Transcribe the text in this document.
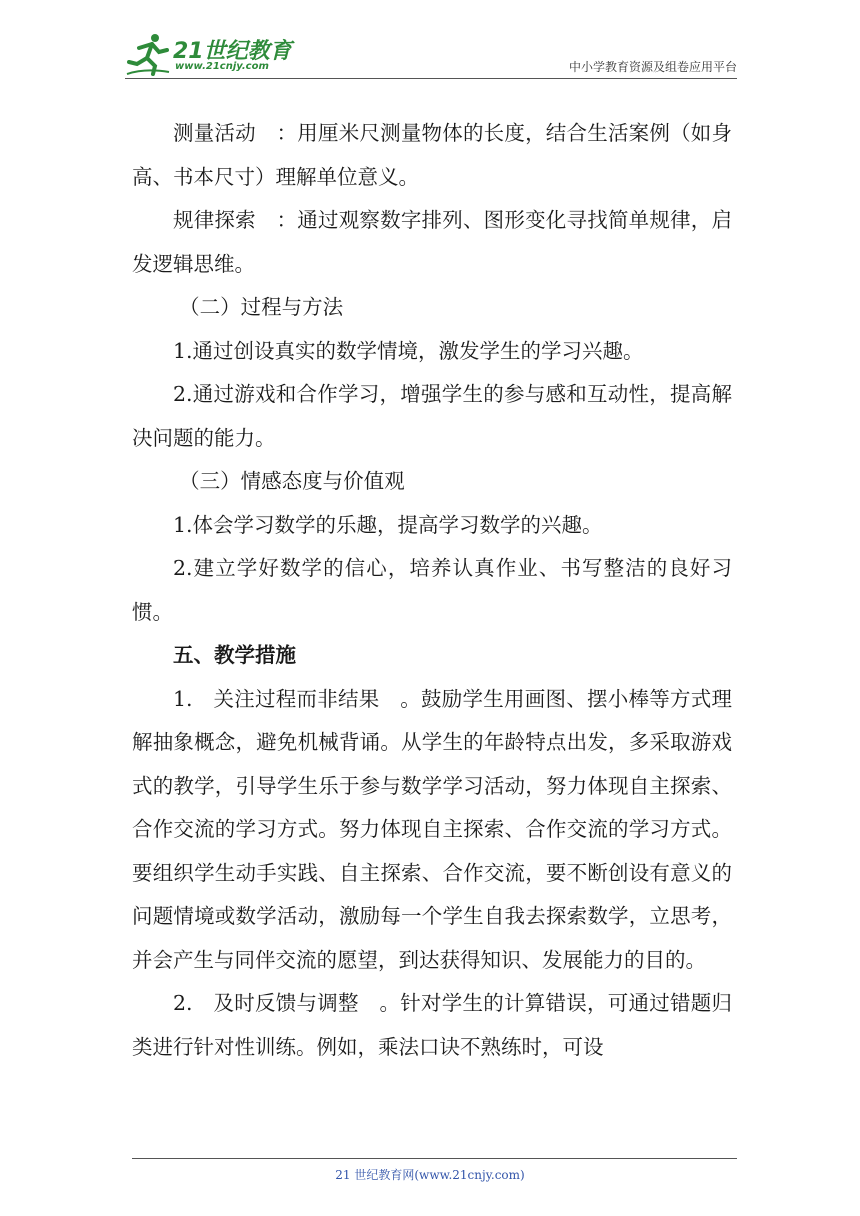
21世纪教育
www.21cnjy.com	中小学教育资源及组卷应用平台

测量活动　：用厘米尺测量物体的长度，结合生活案例（如身高、书本尺寸）理解单位意义。

规律探索　：通过观察数字排列、图形变化寻找简单规律，启发逻辑思维。

（二）过程与方法

1.通过创设真实的数学情境，激发学生的学习兴趣。

2.通过游戏和合作学习，增强学生的参与感和互动性，提高解决问题的能力。

（三）情感态度与价值观

1.体会学习数学的乐趣，提高学习数学的兴趣。

2.建立学好数学的信心，培养认真作业、书写整洁的良好习惯。

五、教学措施

1.　关注过程而非结果　。鼓励学生用画图、摆小棒等方式理解抽象概念，避免机械背诵。从学生的年龄特点出发，多采取游戏式的教学，引导学生乐于参与数学学习活动，努力体现自主探索、合作交流的学习方式。努力体现自主探索、合作交流的学习方式。要组织学生动手实践、自主探索、合作交流，要不断创设有意义的问题情境或数学活动，激励每一个学生自我去探索数学，立思考，并会产生与同伴交流的愿望，到达获得知识、发展能力的目的。

2.　及时反馈与调整　。针对学生的计算错误，可通过错题归类进行针对性训练。例如，乘法口诀不熟练时，可设

21 世纪教育网(www.21cnjy.com)
